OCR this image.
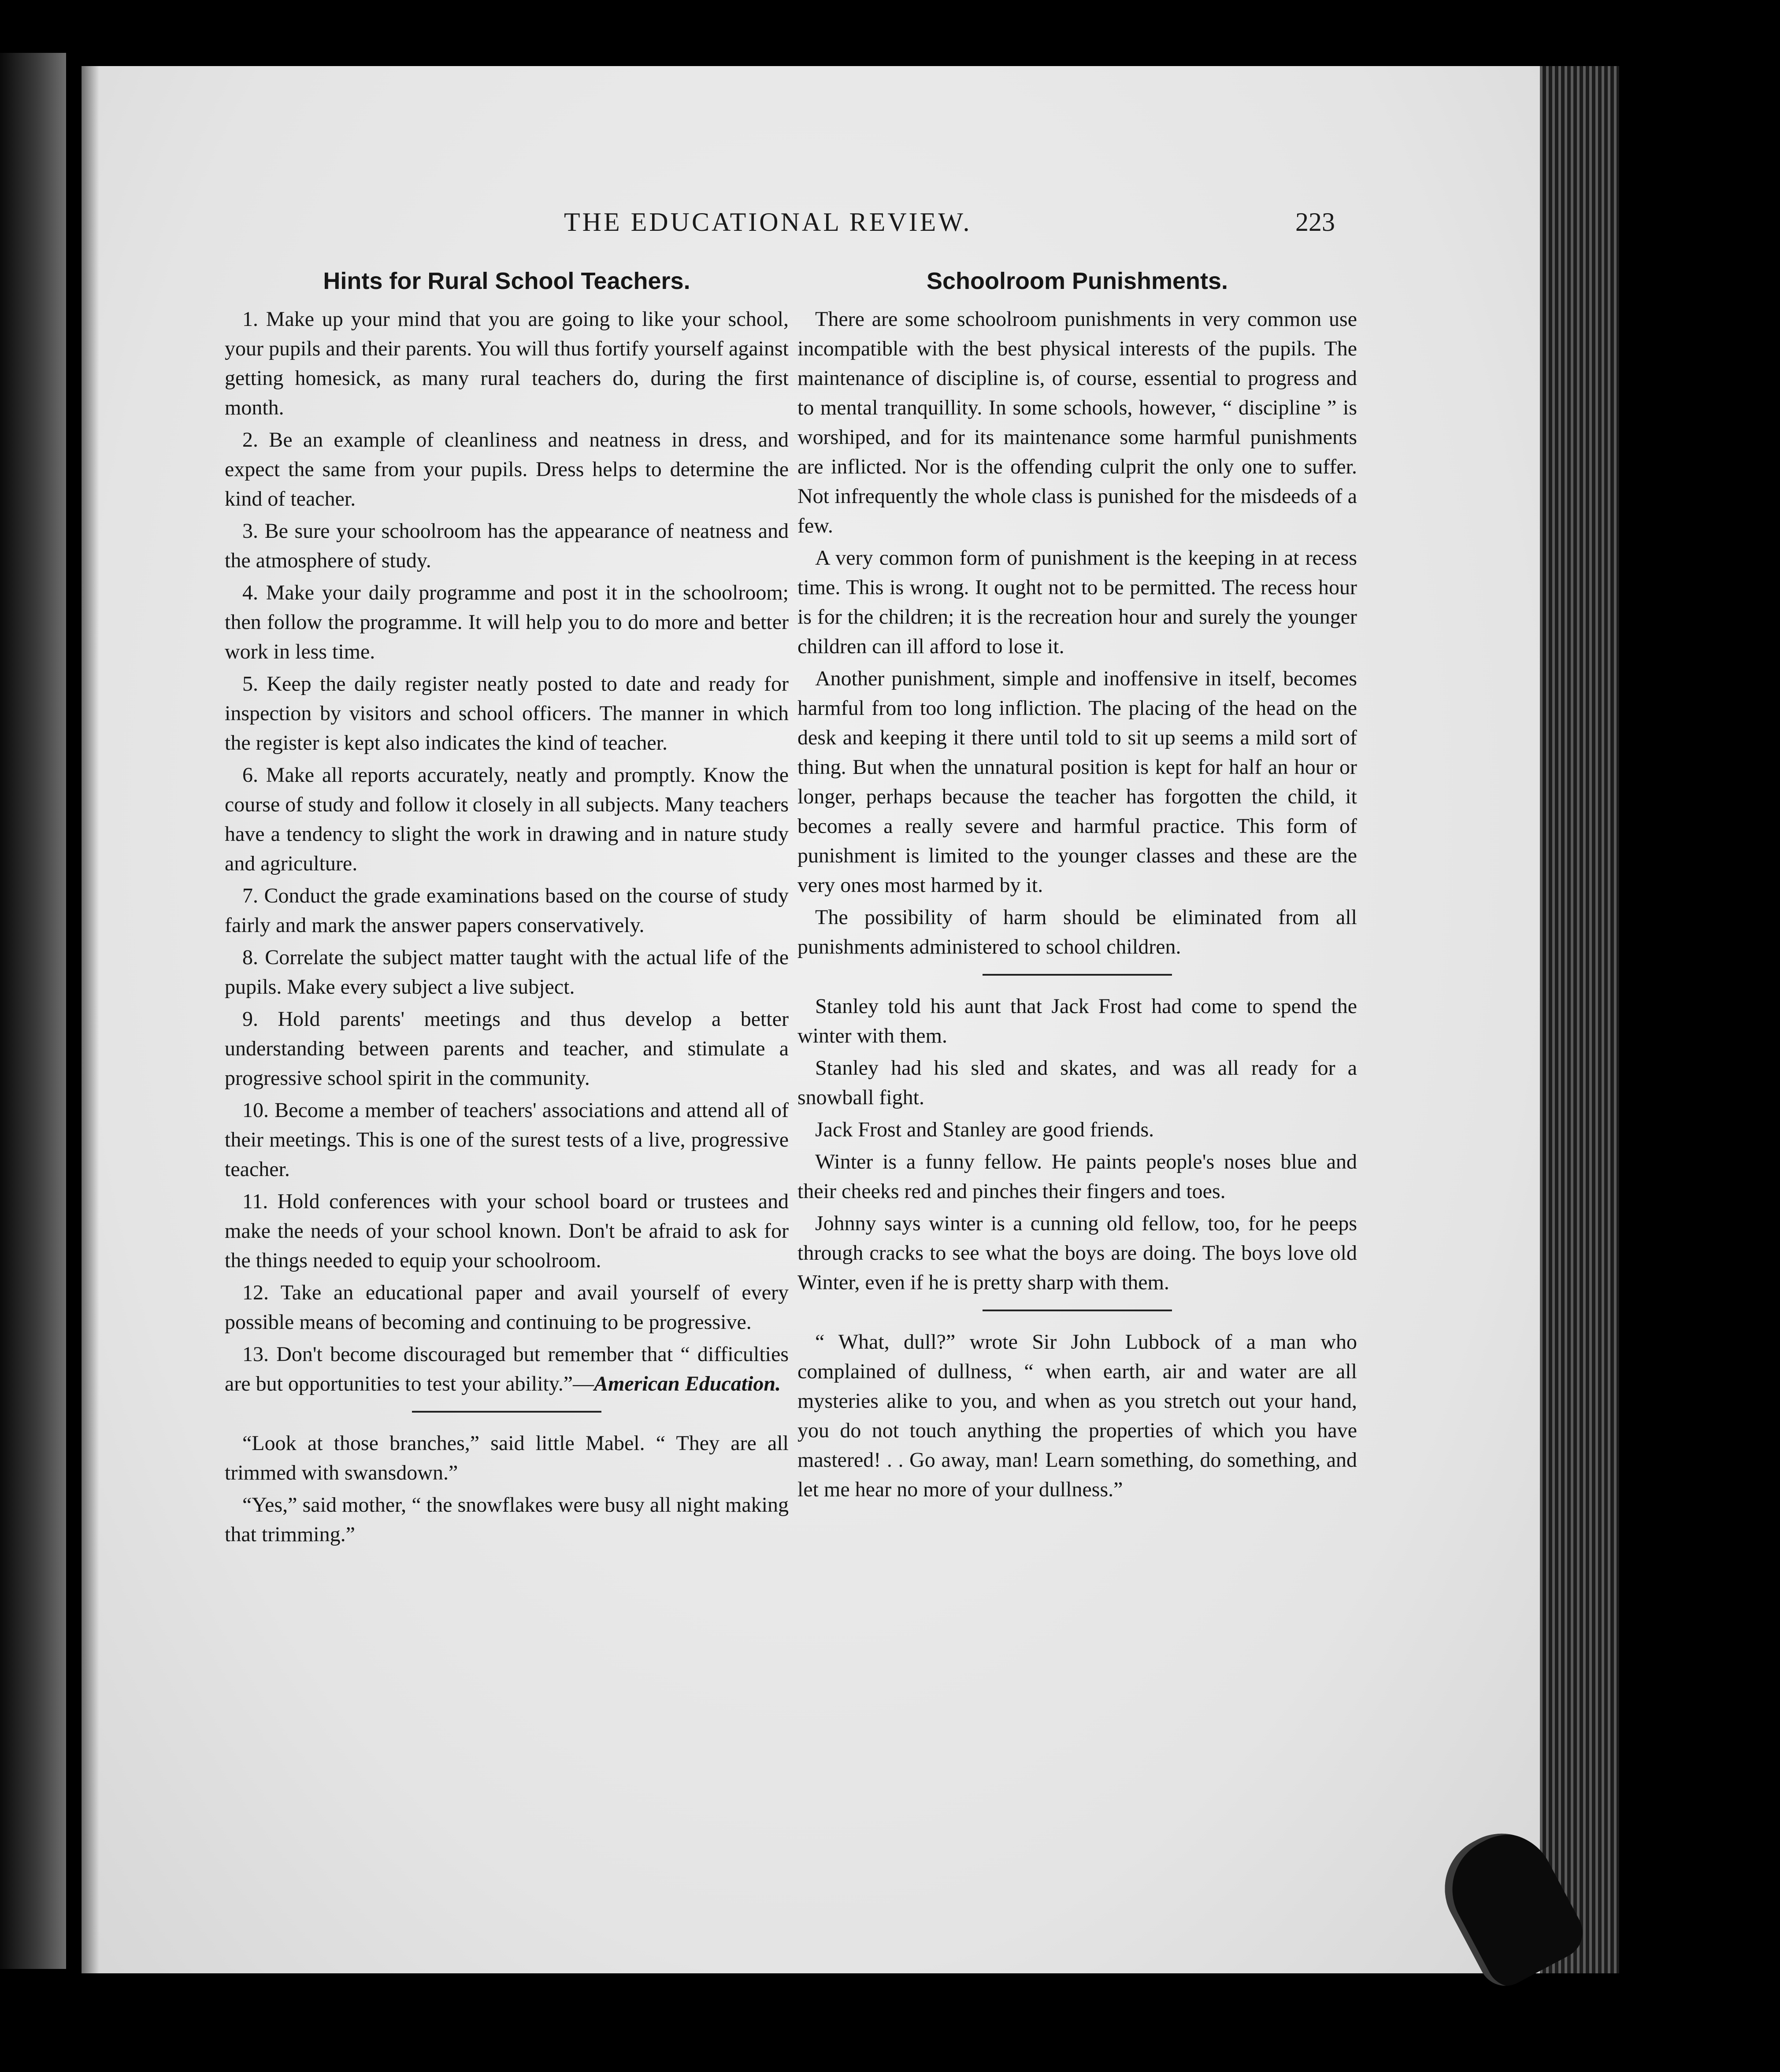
THE EDUCATIONAL REVIEW.	223
Hints for Rural School Teachers.

1. Make up your mind that you are going to like your school, your pupils and their parents. You will thus fortify yourself against getting homesick, as many rural teachers do, during the first month.

2. Be an example of cleanliness and neatness in dress, and expect the same from your pupils. Dress helps to determine the kind of teacher.

3. Be sure your schoolroom has the appearance of neatness and the atmosphere of study.

4. Make your daily programme and post it in the schoolroom; then follow the programme. It will help you to do more and better work in less time.

5. Keep the daily register neatly posted to date and ready for inspection by visitors and school officers. The manner in which the register is kept also indicates the kind of teacher.

6. Make all reports accurately, neatly and promptly. Know the course of study and follow it closely in all subjects. Many teachers have a tendency to slight the work in drawing and in nature study and agriculture.

7. Conduct the grade examinations based on the course of study fairly and mark the answer papers conservatively.

8. Correlate the subject matter taught with the actual life of the pupils. Make every subject a live subject.

9. Hold parents' meetings and thus develop a better understanding between parents and teacher, and stimulate a progressive school spirit in the community.

10. Become a member of teachers' associations and attend all of their meetings. This is one of the surest tests of a live, progressive teacher.

11. Hold conferences with your school board or trustees and make the needs of your school known. Don't be afraid to ask for the things needed to equip your schoolroom.

12. Take an educational paper and avail yourself of every possible means of becoming and continuing to be progressive.

13. Don't become discouraged but remember that “ difficulties are but opportunities to test your ability.”—American Education.

“Look at those branches,” said little Mabel. “ They are all trimmed with swansdown.”

“Yes,” said mother, “ the snowflakes were busy all night making that trimming.”

Schoolroom Punishments.

There are some schoolroom punishments in very common use incompatible with the best physical interests of the pupils. The maintenance of discipline is, of course, essential to progress and to mental tranquillity. In some schools, however, “ discipline ” is worshiped, and for its maintenance some harmful punishments are inflicted. Nor is the offending culprit the only one to suffer. Not infrequently the whole class is punished for the misdeeds of a few.

A very common form of punishment is the keeping in at recess time. This is wrong. It ought not to be permitted. The recess hour is for the children; it is the recreation hour and surely the younger children can ill afford to lose it.

Another punishment, simple and inoffensive in itself, becomes harmful from too long infliction. The placing of the head on the desk and keeping it there until told to sit up seems a mild sort of thing. But when the unnatural position is kept for half an hour or longer, perhaps because the teacher has forgotten the child, it becomes a really severe and harmful practice. This form of punishment is limited to the younger classes and these are the very ones most harmed by it.

The possibility of harm should be eliminated from all punishments administered to school children.

Stanley told his aunt that Jack Frost had come to spend the winter with them.

Stanley had his sled and skates, and was all ready for a snowball fight.

Jack Frost and Stanley are good friends.

Winter is a funny fellow. He paints people's noses blue and their cheeks red and pinches their fingers and toes.

Johnny says winter is a cunning old fellow, too, for he peeps through cracks to see what the boys are doing. The boys love old Winter, even if he is pretty sharp with them.

“ What, dull?” wrote Sir John Lubbock of a man who complained of dullness, “ when earth, air and water are all mysteries alike to you, and when as you stretch out your hand, you do not touch anything the properties of which you have mastered! . . Go away, man! Learn something, do something, and let me hear no more of your dullness.”
